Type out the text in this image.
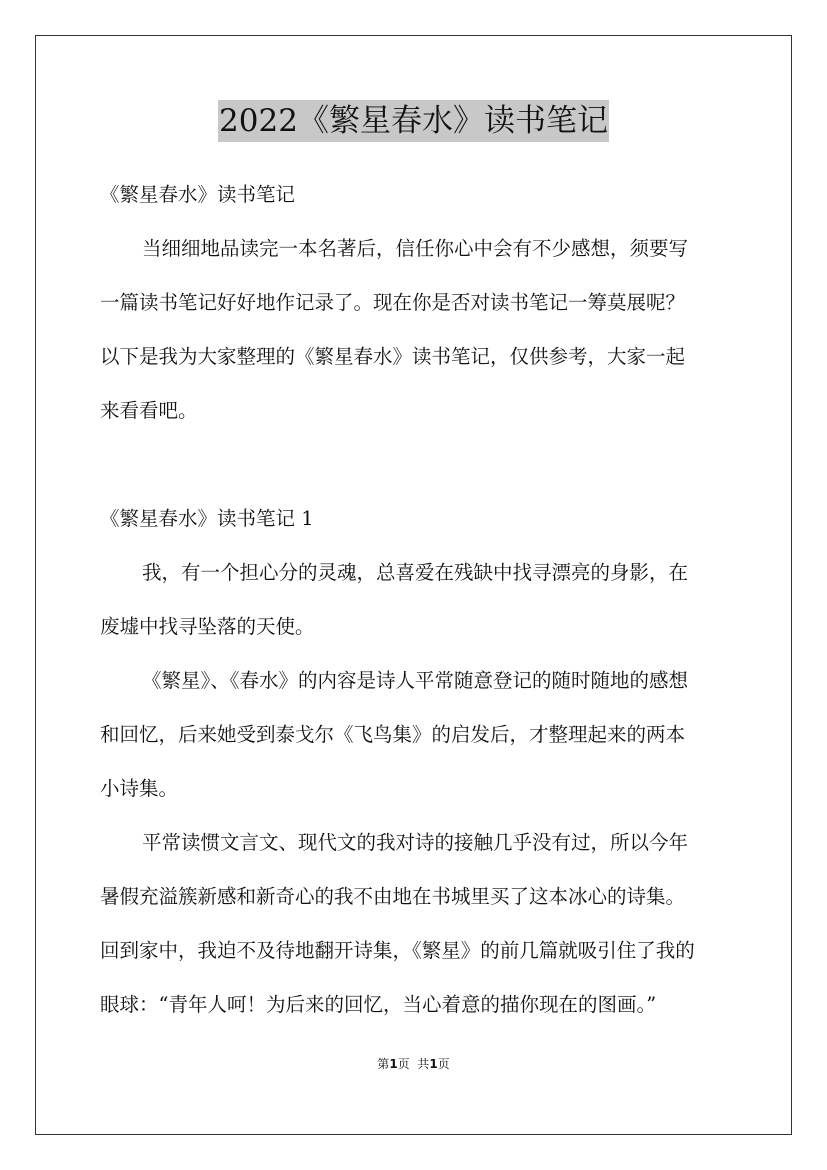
2022《繁星春水》读书笔记
《繁星春水》读书笔记
当细细地品读完一本名著后，信任你心中会有不少感想，须要写
一篇读书笔记好好地作记录了。现在你是否对读书笔记一筹莫展呢？
以下是我为大家整理的《繁星春水》读书笔记，仅供参考，大家一起
来看看吧。
《繁星春水》读书笔记 1
我，有一个担心分的灵魂，总喜爱在残缺中找寻漂亮的身影，在
废墟中找寻坠落的天使。
《繁星》、《春水》的内容是诗人平常随意登记的随时随地的感想
和回忆，后来她受到泰戈尔《飞鸟集》的启发后，才整理起来的两本
小诗集。
平常读惯文言文、现代文的我对诗的接触几乎没有过，所以今年
暑假充溢簇新感和新奇心的我不由地在书城里买了这本冰心的诗集。
回到家中，我迫不及待地翻开诗集，《繁星》的前几篇就吸引住了我的
眼球：“青年人呵！为后来的回忆，当心着意的描你现在的图画。”
第1页  共1页
